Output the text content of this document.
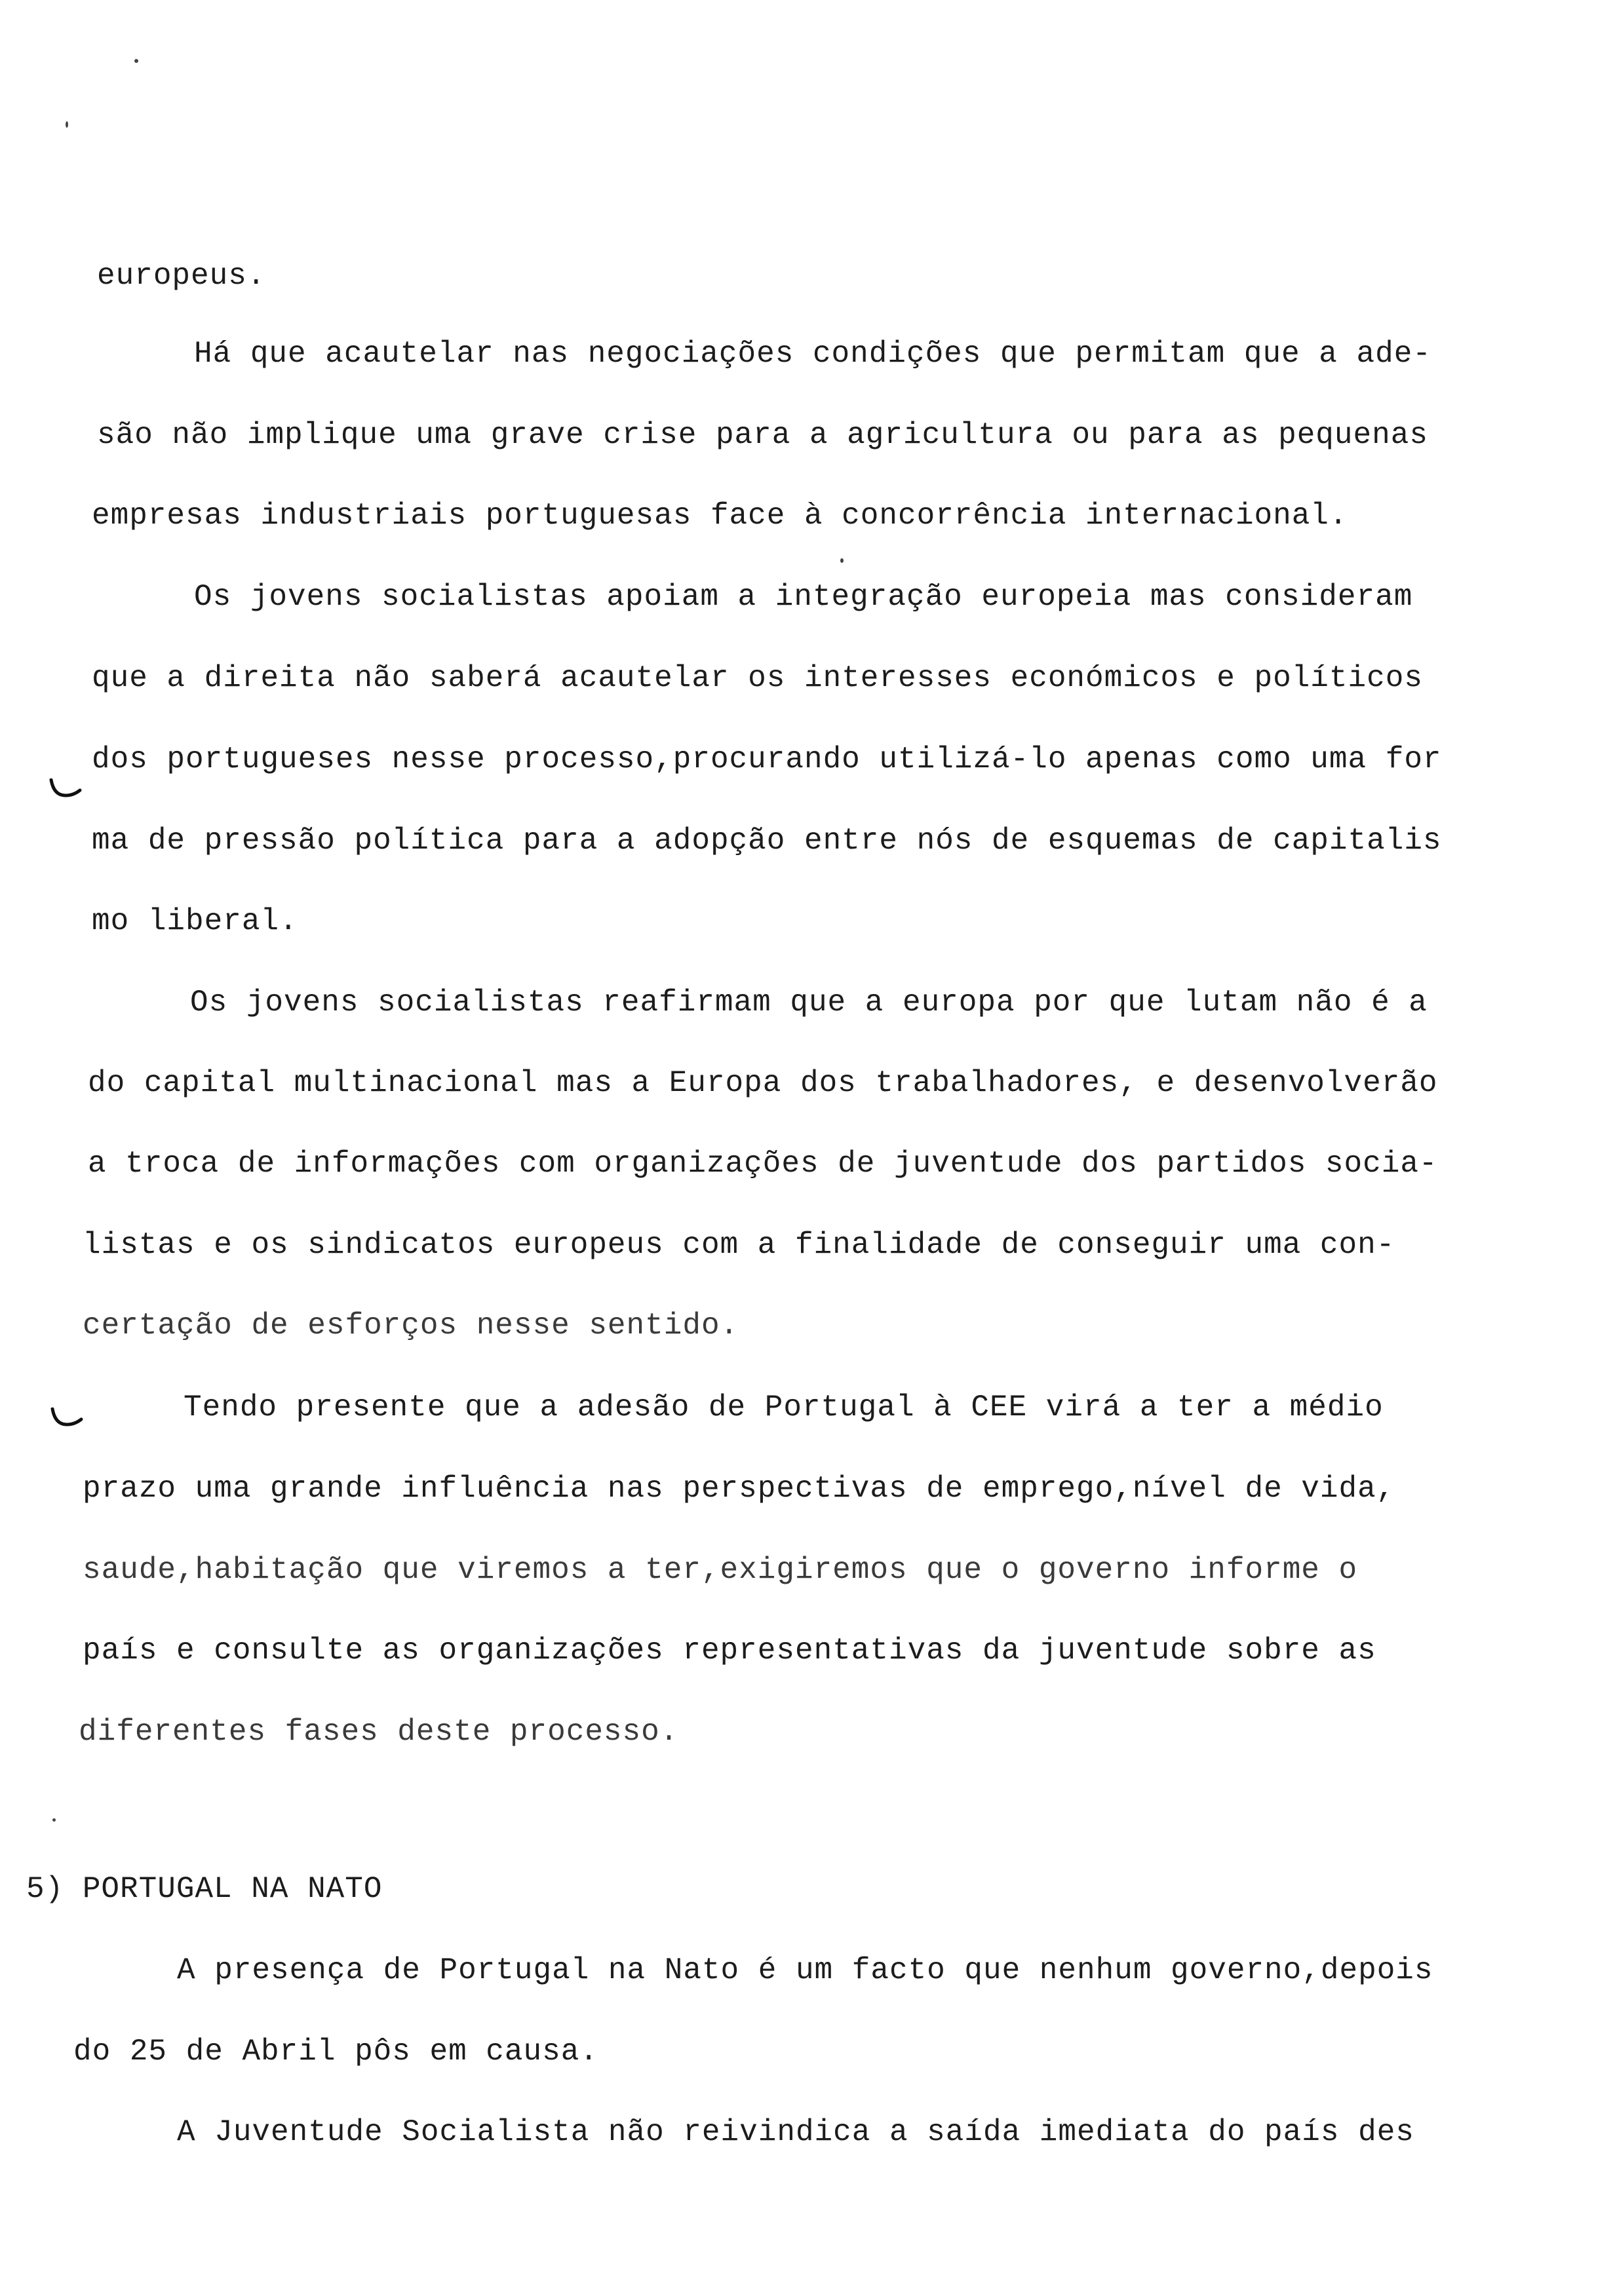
europeus.
Há que acautelar nas negociações condições que permitam que a ade-
são não implique uma grave crise para a agricultura ou para as pequenas
empresas industriais portuguesas face à concorrência internacional.
Os jovens socialistas apoiam a integração europeia mas consideram
que a direita não saberá acautelar os interesses económicos e políticos
dos portugueses nesse processo,procurando utilizá-lo apenas como uma for
ma de pressão política para a adopção entre nós de esquemas de capitalis
mo liberal.
Os jovens socialistas reafirmam que a europa por que lutam não é a
do capital multinacional mas a Europa dos trabalhadores, e desenvolverão
a troca de informações com organizações de juventude dos partidos socia-
listas e os sindicatos europeus com a finalidade de conseguir uma con-
certação de esforços nesse sentido.
Tendo presente que a adesão de Portugal à CEE virá a ter a médio
prazo uma grande influência nas perspectivas de emprego,nível de vida,
saude,habitação que viremos a ter,exigiremos que o governo informe o
país e consulte as organizações representativas da juventude sobre as
diferentes fases deste processo.
5) PORTUGAL NA NATO
A presença de Portugal na Nato é um facto que nenhum governo,depois
do 25 de Abril pôs em causa.
A Juventude Socialista não reivindica a saída imediata do país des
